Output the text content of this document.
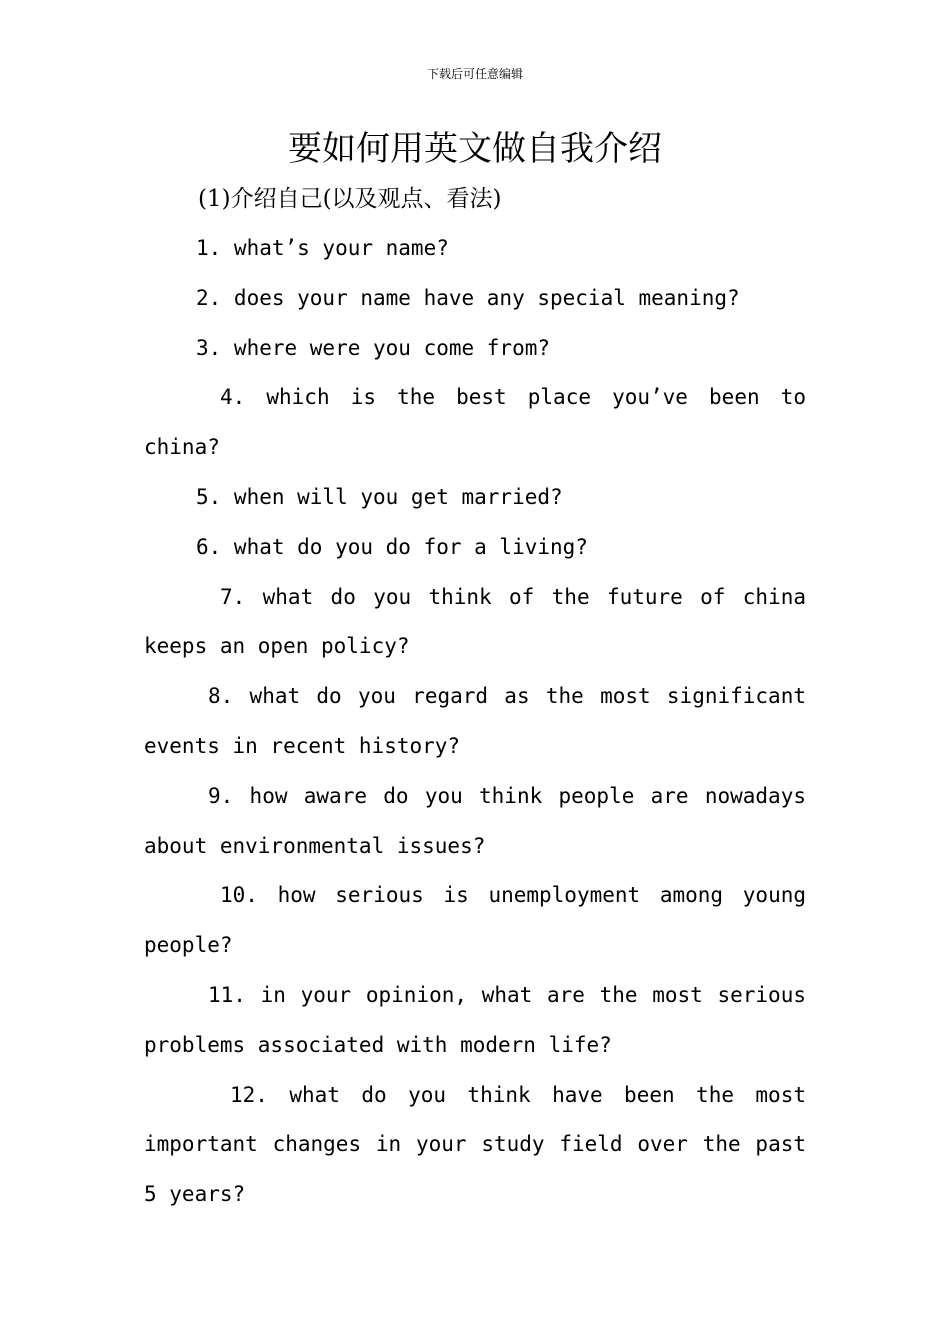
下载后可任意编辑
要如何用英文做自我介绍
(1)介绍自己(以及观点、看法)

1. what’s your name?

2. does your name have any special meaning?

3. where were you come from?

4. which is the best place you’ve been to china?

5. when will you get married?

6. what do you do for a living?

7. what do you think of the future of china keeps an open policy?

8. what do you regard as the most significant events in recent history?

9. how aware do you think people are nowadays about environmental issues?

10. how serious is unemployment among young people?

11. in your opinion, what are the most serious problems associated with modern life?

12. what do you think have been the most important changes in your study field over the past 5 years?
